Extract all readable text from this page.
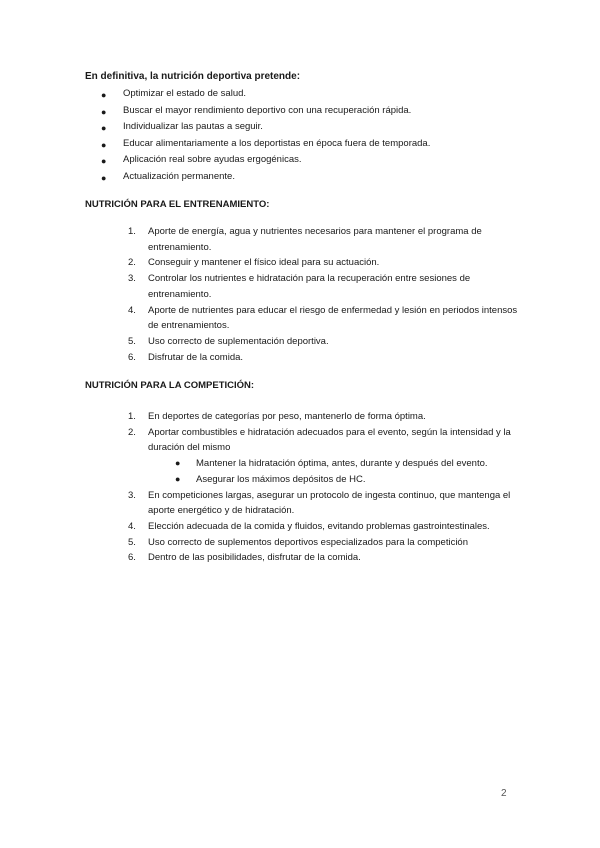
En definitiva, la nutrición deportiva pretende:
● Optimizar el estado de salud.
● Buscar el mayor rendimiento deportivo con una recuperación rápida.
● Individualizar las pautas a seguir.
● Educar alimentariamente a los deportistas en época fuera de temporada.
● Aplicación real sobre ayudas ergogénicas.
● Actualización permanente.
NUTRICIÓN PARA EL ENTRENAMIENTO:
1. Aporte de energía, agua y nutrientes necesarios para mantener el programa de entrenamiento.
2. Conseguir y mantener el físico ideal para su actuación.
3. Controlar los nutrientes e hidratación para la recuperación entre sesiones de entrenamiento.
4. Aporte de nutrientes para educar el riesgo de enfermedad y lesión en periodos intensos de entrenamientos.
5. Uso correcto de suplementación deportiva.
6. Disfrutar de la comida.
NUTRICIÓN PARA LA COMPETICIÓN:
1. En deportes de categorías por peso, mantenerlo de forma óptima.
2. Aportar combustibles e hidratación adecuados para el evento, según la intensidad y la duración del mismo
● Mantener la hidratación óptima, antes, durante y después del evento.
● Asegurar los máximos depósitos de HC.
3. En competiciones largas, asegurar un protocolo de ingesta continuo, que mantenga el aporte energético y de hidratación.
4. Elección adecuada de la comida y fluidos, evitando problemas gastrointestinales.
5. Uso correcto de suplementos deportivos especializados para la competición
6. Dentro de las posibilidades, disfrutar de la comida.
2
